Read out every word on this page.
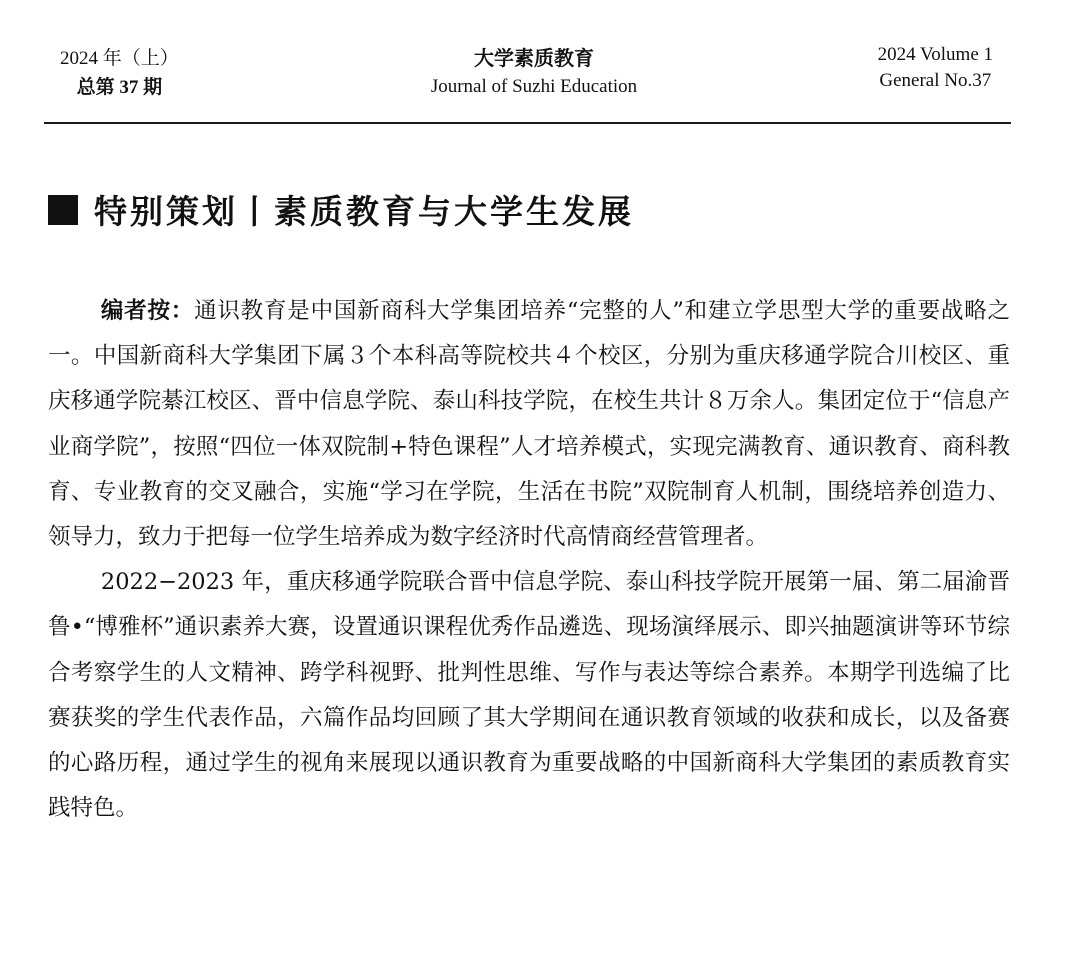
2024 年（上）
总第 37 期
大学素质教育
Journal of Suzhi Education
2024 Volume 1
General No.37
特别策划丨素质教育与大学生发展

编者按：通识教育是中国新商科大学集团培养“完整的人”和建立学思型大学的重要战略之一。中国新商科大学集团下属３个本科高等院校共４个校区，分别为重庆移通学院合川校区、重庆移通学院綦江校区、晋中信息学院、泰山科技学院，在校生共计８万余人。集团定位于“信息产业商学院”，按照“四位一体双院制+特色课程”人才培养模式，实现完满教育、通识教育、商科教育、专业教育的交叉融合，实施“学习在学院，生活在书院”双院制育人机制，围绕培养创造力、领导力，致力于把每一位学生培养成为数字经济时代高情商经营管理者。

2022−2023 年，重庆移通学院联合晋中信息学院、泰山科技学院开展第一届、第二届渝晋鲁•“博雅杯”通识素养大赛，设置通识课程优秀作品遴选、现场演绎展示、即兴抽题演讲等环节综合考察学生的人文精神、跨学科视野、批判性思维、写作与表达等综合素养。本期学刊选编了比赛获奖的学生代表作品，六篇作品均回顾了其大学期间在通识教育领域的收获和成长，以及备赛的心路历程，通过学生的视角来展现以通识教育为重要战略的中国新商科大学集团的素质教育实践特色。
